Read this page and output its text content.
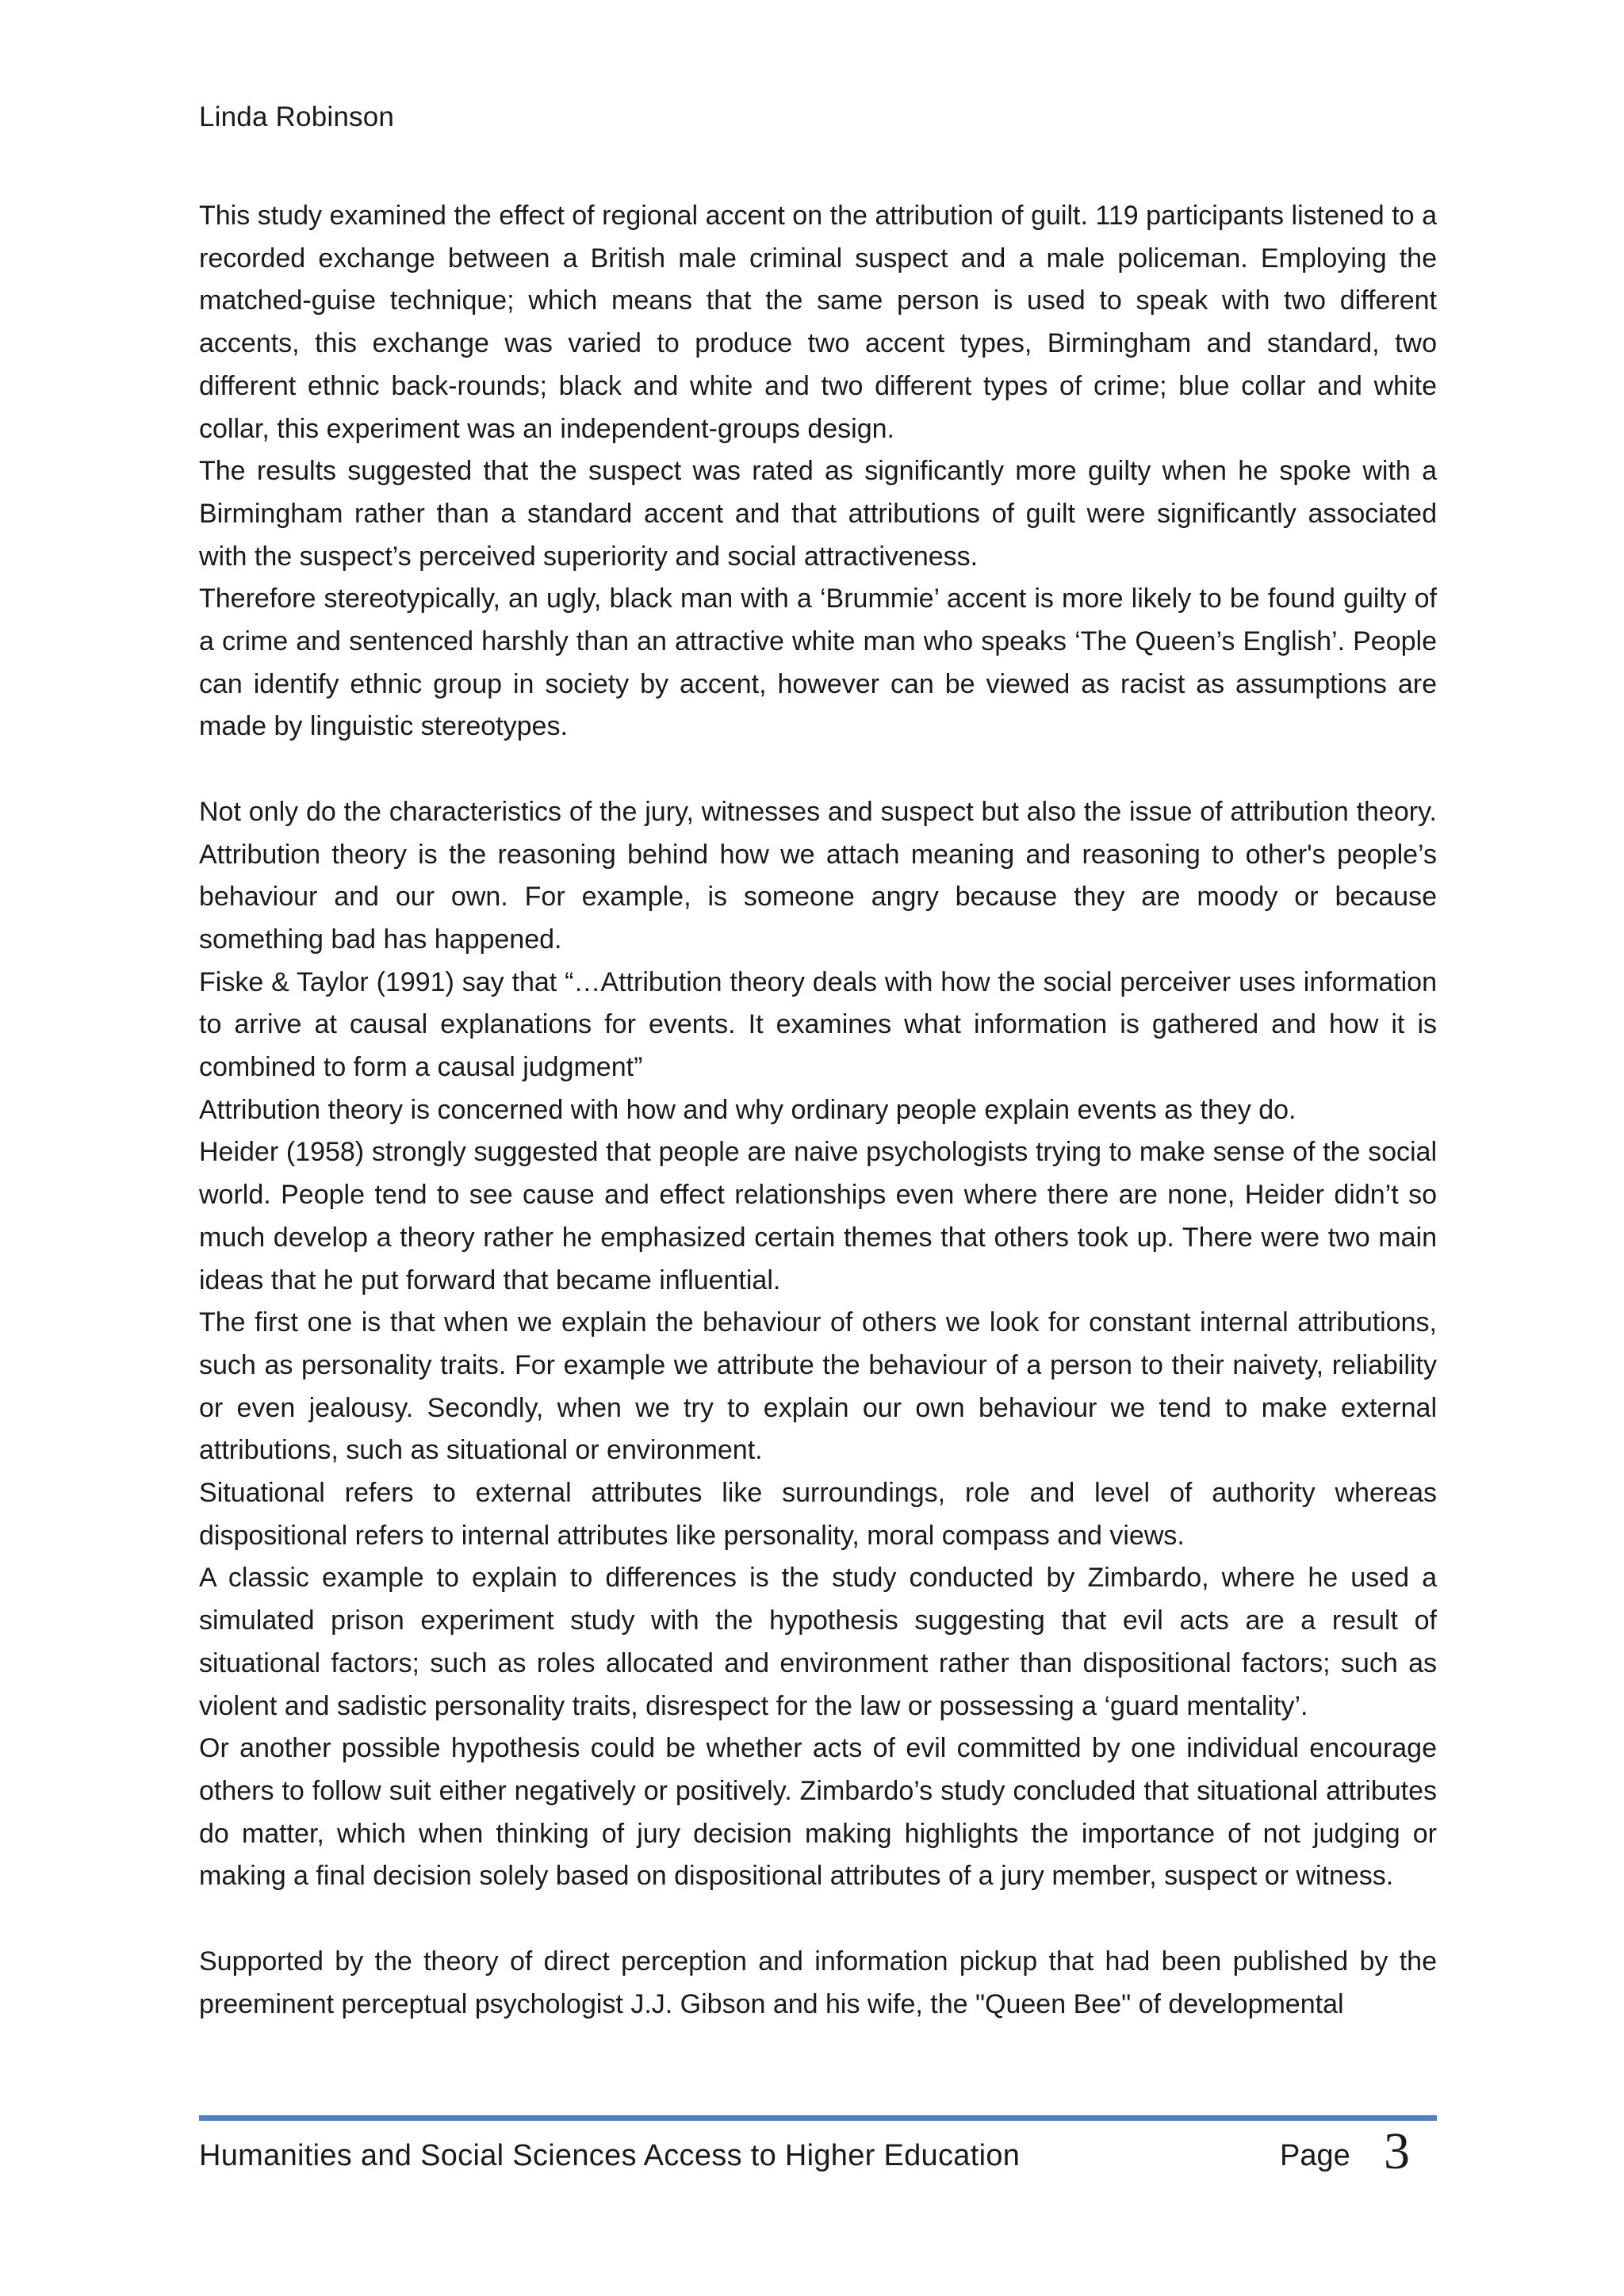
Linda Robinson

This study examined the effect of regional accent on the attribution of guilt. 119 participants listened to a recorded exchange between a British male criminal suspect and a male policeman. Employing the matched-guise technique; which means that the same person is used to speak with two different accents, this exchange was varied to produce two accent types, Birmingham and standard, two different ethnic back-rounds; black and white and two different types of crime; blue collar and white collar, this experiment was an independent-groups design.

The results suggested that the suspect was rated as significantly more guilty when he spoke with a Birmingham rather than a standard accent and that attributions of guilt were significantly associated with the suspect’s perceived superiority and social attractiveness.

Therefore stereotypically, an ugly, black man with a ‘Brummie’ accent is more likely to be found guilty of a crime and sentenced harshly than an attractive white man who speaks ‘The Queen’s English’. People can identify ethnic group in society by accent, however can be viewed as racist as assumptions are made by linguistic stereotypes.

Not only do the characteristics of the jury, witnesses and suspect but also the issue of attribution theory. Attribution theory is the reasoning behind how we attach meaning and reasoning to other's people’s behaviour and our own. For example, is someone angry because they are moody or because something bad has happened.

Fiske & Taylor (1991) say that “…Attribution theory deals with how the social perceiver uses information to arrive at causal explanations for events. It examines what information is gathered and how it is combined to form a causal judgment”

Attribution theory is concerned with how and why ordinary people explain events as they do.

Heider (1958) strongly suggested that people are naive psychologists trying to make sense of the social world. People tend to see cause and effect relationships even where there are none, Heider didn’t so much develop a theory rather he emphasized certain themes that others took up. There were two main ideas that he put forward that became influential.

The first one is that when we explain the behaviour of others we look for constant internal attributions, such as personality traits. For example we attribute the behaviour of a person to their naivety, reliability or even jealousy. Secondly, when we try to explain our own behaviour we tend to make external attributions, such as situational or environment.

Situational refers to external attributes like surroundings, role and level of authority whereas dispositional refers to internal attributes like personality, moral compass and views.

A classic example to explain to differences is the study conducted by Zimbardo, where he used a simulated prison experiment study with the hypothesis suggesting that evil acts are a result of situational factors; such as roles allocated and environment rather than dispositional factors; such as violent and sadistic personality traits, disrespect for the law or possessing a ‘guard mentality’.

Or another possible hypothesis could be whether acts of evil committed by one individual encourage others to follow suit either negatively or positively. Zimbardo’s study concluded that situational attributes do matter, which when thinking of jury decision making highlights the importance of not judging or making a final decision solely based on dispositional attributes of a jury member, suspect or witness.

Supported by the theory of direct perception and information pickup that had been published by the preeminent perceptual psychologist J.J. Gibson and his wife, the "Queen Bee" of developmental

Humanities and Social Sciences Access to Higher Education	Page 3
